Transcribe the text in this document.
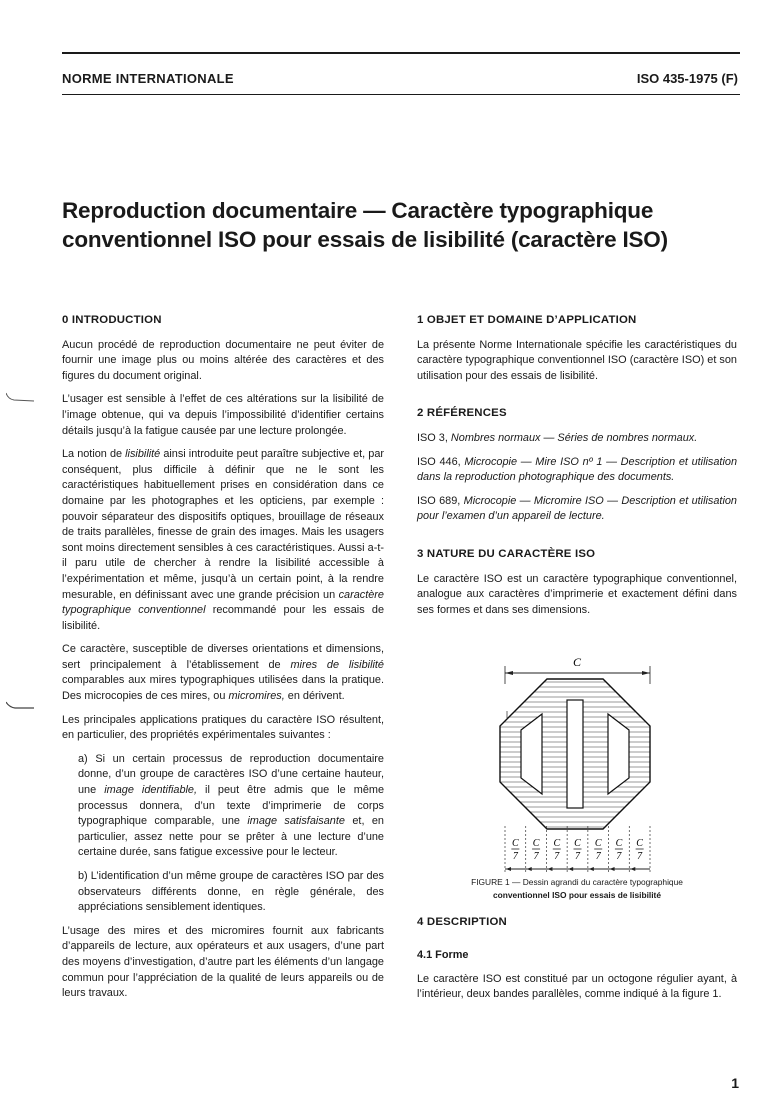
NORME INTERNATIONALE	ISO 435-1975 (F)
Reproduction documentaire — Caractère typographique
conventionnel ISO pour essais de lisibilité (caractère ISO)
0 INTRODUCTION

Aucun procédé de reproduction documentaire ne peut éviter de fournir une image plus ou moins altérée des caractères et des figures du document original.

L’usager est sensible à l’effet de ces altérations sur la lisibilité de l’image obtenue, qui va depuis l’impossibilité d’identifier certains détails jusqu’à la fatigue causée par une lecture prolongée.

La notion de lisibilité ainsi introduite peut paraître subjective et, par conséquent, plus difficile à définir que ne le sont les caractéristiques habituellement prises en considération dans ce domaine par les photographes et les opticiens, par exemple : pouvoir séparateur des dispositifs optiques, brouillage de réseaux de traits parallèles, finesse de grain des images. Mais les usagers sont moins directement sensibles à ces caractéristiques. Aussi a-t-il paru utile de chercher à rendre la lisibilité accessible à l’expérimentation et même, jusqu’à un certain point, à la rendre mesurable, en définissant avec une grande précision un caractère typographique conventionnel recommandé pour les essais de lisibilité.

Ce caractère, susceptible de diverses orientations et dimensions, sert principalement à l’établissement de mires de lisibilité comparables aux mires typographiques utilisées dans la pratique. Des microcopies de ces mires, ou micromires, en dérivent.

Les principales applications pratiques du caractère ISO résultent, en particulier, des propriétés expérimentales suivantes :

a) Si un certain processus de reproduction documentaire donne, d’un groupe de caractères ISO d’une certaine hauteur, une image identifiable, il peut être admis que le même processus donnera, d’un texte d’imprimerie de corps typographique comparable, une image satisfaisante et, en particulier, assez nette pour se prêter à une lecture d’une certaine durée, sans fatigue excessive pour le lecteur.

b) L’identification d’un même groupe de caractères ISO par des observateurs différents donne, en règle générale, des appréciations sensiblement identiques.

L’usage des mires et des micromires fournit aux fabricants d’appareils de lecture, aux opérateurs et aux usagers, d’une part des moyens d’investigation, d’autre part les éléments d’un langage commun pour l’appréciation de la qualité de leurs appareils ou de leurs travaux.

1 OBJET ET DOMAINE D’APPLICATION

La présente Norme Internationale spécifie les caractéristiques du caractère typographique conventionnel ISO (caractère ISO) et son utilisation pour des essais de lisibilité.

2 RÉFÉRENCES

ISO 3, Nombres normaux — Séries de nombres normaux.

ISO 446, Microcopie — Mire ISO nº 1 — Description et utilisation dans la reproduction photographique des documents.

ISO 689, Microcopie — Micromire ISO — Description et utilisation pour l’examen d’un appareil de lecture.

3 NATURE DU CARACTÈRE ISO

Le caractère ISO est un caractère typographique conventionnel, analogue aux caractères d’imprimerie et exactement défini dans ses formes et dans ses dimensions.

C
C
7
C
7
C
7
C
7
C
7
C
7
C
7
FIGURE 1 — Dessin agrandi du caractère typographique
conventionnel ISO pour essais de lisibilité
4 DESCRIPTION
4.1 Forme

Le caractère ISO est constitué par un octogone régulier ayant, à l’intérieur, deux bandes parallèles, comme indiqué à la figure 1.

1
